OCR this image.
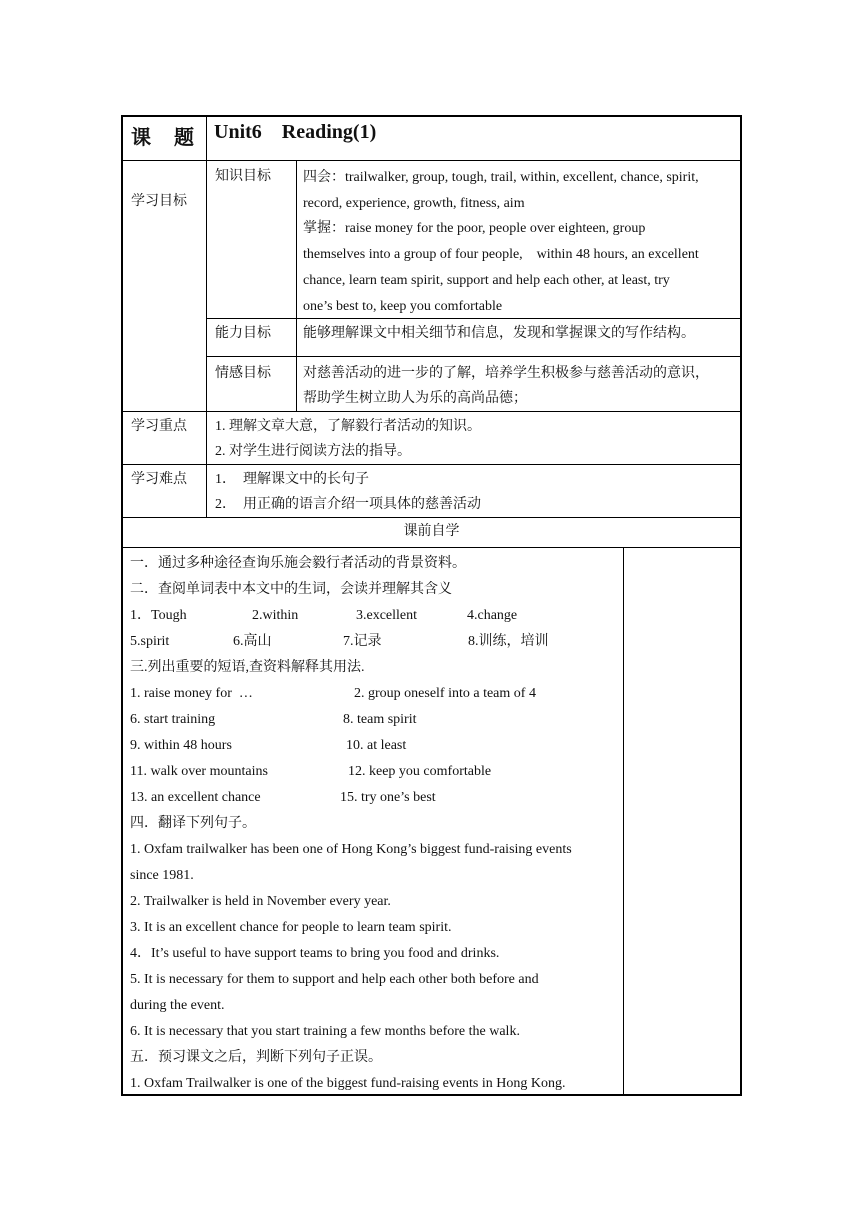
课 题 Unit6    Reading(1)
学习目标
知识目标 四会：trailwalker, group, tough, trail, within, excellent, chance, spirit,
record, experience, growth, fitness, aim
掌握：raise money for the poor, people over eighteen, group
themselves into a group of four people,    within 48 hours, an excellent
chance, learn team spirit, support and help each other, at least, try
one’s best to, keep you comfortable
能力目标 能够理解课文中相关细节和信息，发现和掌握课文的写作结构。
情感目标 对慈善活动的进一步的了解，培养学生积极参与慈善活动的意识，
帮助学生树立助人为乐的高尚品德；
学习重点 1. 理解文章大意，了解毅行者活动的知识。
2. 对学生进行阅读方法的指导。
学习难点 1．  理解课文中的长句子
2．  用正确的语言介绍一项具体的慈善活动
课前自学
一．通过多种途径查询乐施会毅行者活动的背景资料。
二．查阅单词表中本文中的生词，会读并理解其含义
1．Tough	2.within	3.excellent	4.change
5.spirit	6.高山	7.记录	8.训练，培训
三.列出重要的短语,查资料解释其用法.
1. raise money for  …	2. group oneself into a team of 4
6. start training	8. team spirit
9. within 48 hours	10. at least
11. walk over mountains	12. keep you comfortable
13. an excellent chance	15. try one’s best
四．翻译下列句子。
1. Oxfam trailwalker has been one of Hong Kong’s biggest fund-raising events
since 1981.
2. Trailwalker is held in November every year.
3. It is an excellent chance for people to learn team spirit.
4．It’s useful to have support teams to bring you food and drinks.
5. It is necessary for them to support and help each other both before and
during the event.
6. It is necessary that you start training a few months before the walk.
五．预习课文之后，判断下列句子正误。
1. Oxfam Trailwalker is one of the biggest fund-raising events in Hong Kong.
